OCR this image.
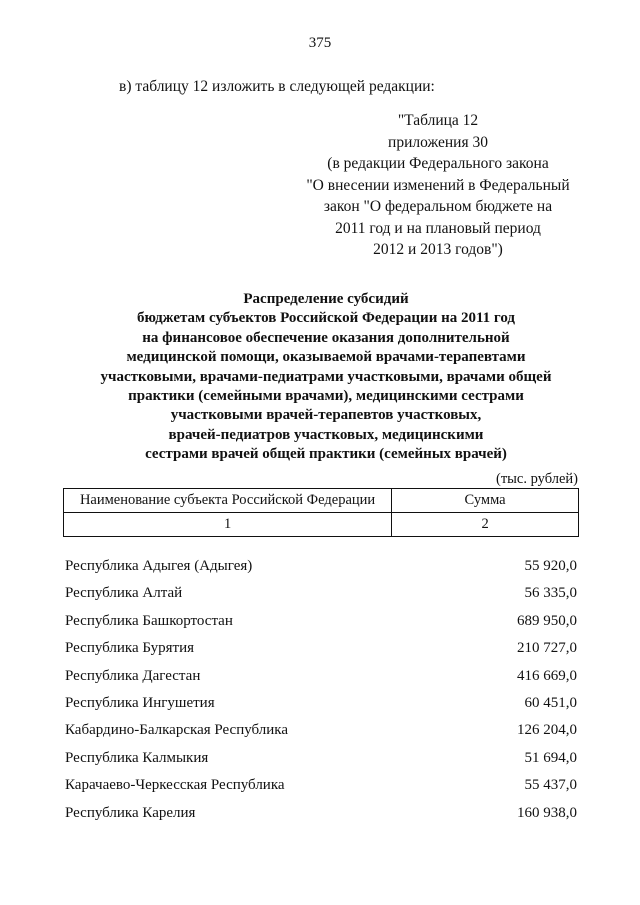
375
в) таблицу 12 изложить в следующей редакции:
"Таблица 12
приложения 30
(в редакции Федерального закона
"О внесении изменений в Федеральный
закон "О федеральном бюджете на
2011 год и на плановый период
2012 и 2013 годов")
Распределение субсидий
бюджетам субъектов Российской Федерации на 2011 год
на финансовое обеспечение оказания дополнительной
медицинской помощи, оказываемой врачами-терапевтами
участковыми, врачами-педиатрами участковыми, врачами общей
практики (семейными врачами), медицинскими сестрами
участковыми врачей-терапевтов участковых,
врачей-педиатров участковых, медицинскими
сестрами врачей общей практики (семейных врачей)
(тыс. рублей)
Наименование субъекта Российской Федерации	Сумма
1	2
Республика Адыгея (Адыгея)	55 920,0
Республика Алтай	56 335,0
Республика Башкортостан	689 950,0
Республика Бурятия	210 727,0
Республика Дагестан	416 669,0
Республика Ингушетия	60 451,0
Кабардино-Балкарская Республика	126 204,0
Республика Калмыкия	51 694,0
Карачаево-Черкесская Республика	55 437,0
Республика Карелия	160 938,0
